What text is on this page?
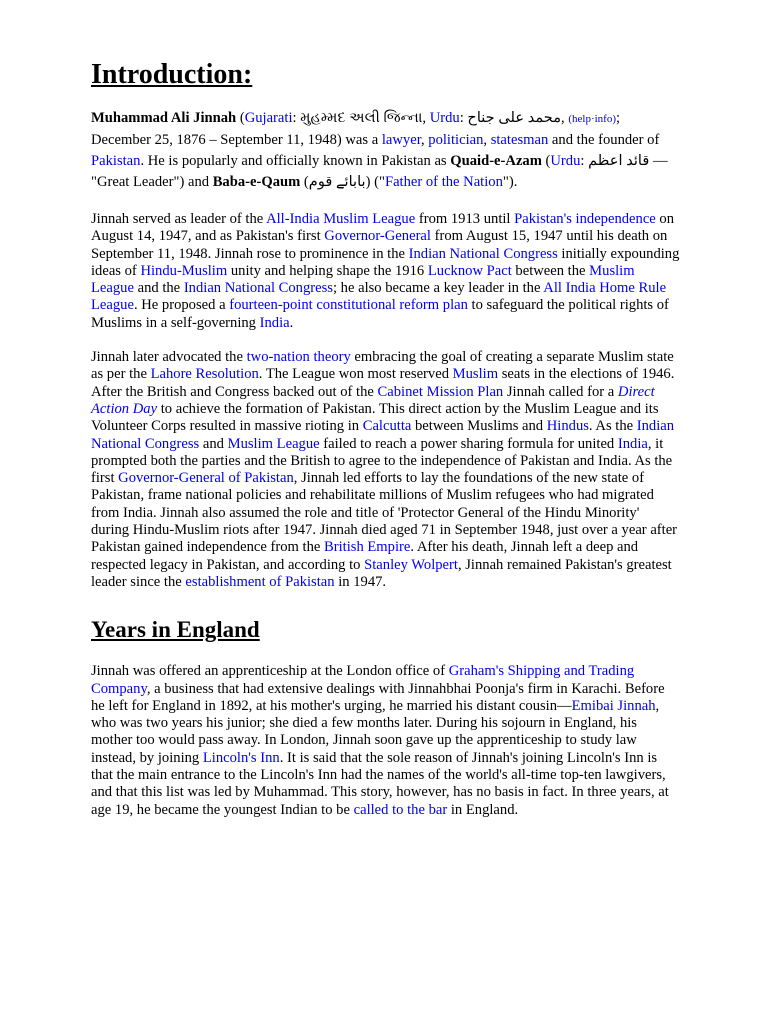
Introduction:

Muhammad Ali Jinnah (Gujarati: મુહમ્મદ અલી જિન્ના, Urdu: محمد علی جناح, (help·info); December 25, 1876 – September 11, 1948) was a lawyer, politician, statesman and the founder of Pakistan. He is popularly and officially known in Pakistan as Quaid-e-Azam (Urdu: قائد اعظم — "Great Leader") and Baba-e-Qaum (بابائے قوم) ("Father of the Nation").

Jinnah served as leader of the All-India Muslim League from 1913 until Pakistan's independence on August 14, 1947, and as Pakistan's first Governor-General from August 15, 1947 until his death on September 11, 1948. Jinnah rose to prominence in the Indian National Congress initially expounding ideas of Hindu-Muslim unity and helping shape the 1916 Lucknow Pact between the Muslim League and the Indian National Congress; he also became a key leader in the All India Home Rule League. He proposed a fourteen-point constitutional reform plan to safeguard the political rights of Muslims in a self-governing India.

Jinnah later advocated the two-nation theory embracing the goal of creating a separate Muslim state as per the Lahore Resolution. The League won most reserved Muslim seats in the elections of 1946. After the British and Congress backed out of the Cabinet Mission Plan Jinnah called for a Direct Action Day to achieve the formation of Pakistan. This direct action by the Muslim League and its Volunteer Corps resulted in massive rioting in Calcutta between Muslims and Hindus. As the Indian National Congress and Muslim League failed to reach a power sharing formula for united India, it prompted both the parties and the British to agree to the independence of Pakistan and India. As the first Governor-General of Pakistan, Jinnah led efforts to lay the foundations of the new state of Pakistan, frame national policies and rehabilitate millions of Muslim refugees who had migrated from India. Jinnah also assumed the role and title of 'Protector General of the Hindu Minority' during Hindu-Muslim riots after 1947. Jinnah died aged 71 in September 1948, just over a year after Pakistan gained independence from the British Empire. After his death, Jinnah left a deep and respected legacy in Pakistan, and according to Stanley Wolpert, Jinnah remained Pakistan's greatest leader since the establishment of Pakistan in 1947.

Years in England

Jinnah was offered an apprenticeship at the London office of Graham's Shipping and Trading Company, a business that had extensive dealings with Jinnahbhai Poonja's firm in Karachi. Before he left for England in 1892, at his mother's urging, he married his distant cousin—Emibai Jinnah, who was two years his junior; she died a few months later. During his sojourn in England, his mother too would pass away. In London, Jinnah soon gave up the apprenticeship to study law instead, by joining Lincoln's Inn. It is said that the sole reason of Jinnah's joining Lincoln's Inn is that the main entrance to the Lincoln's Inn had the names of the world's all-time top-ten lawgivers, and that this list was led by Muhammad. This story, however, has no basis in fact. In three years, at age 19, he became the youngest Indian to be called to the bar in England.
